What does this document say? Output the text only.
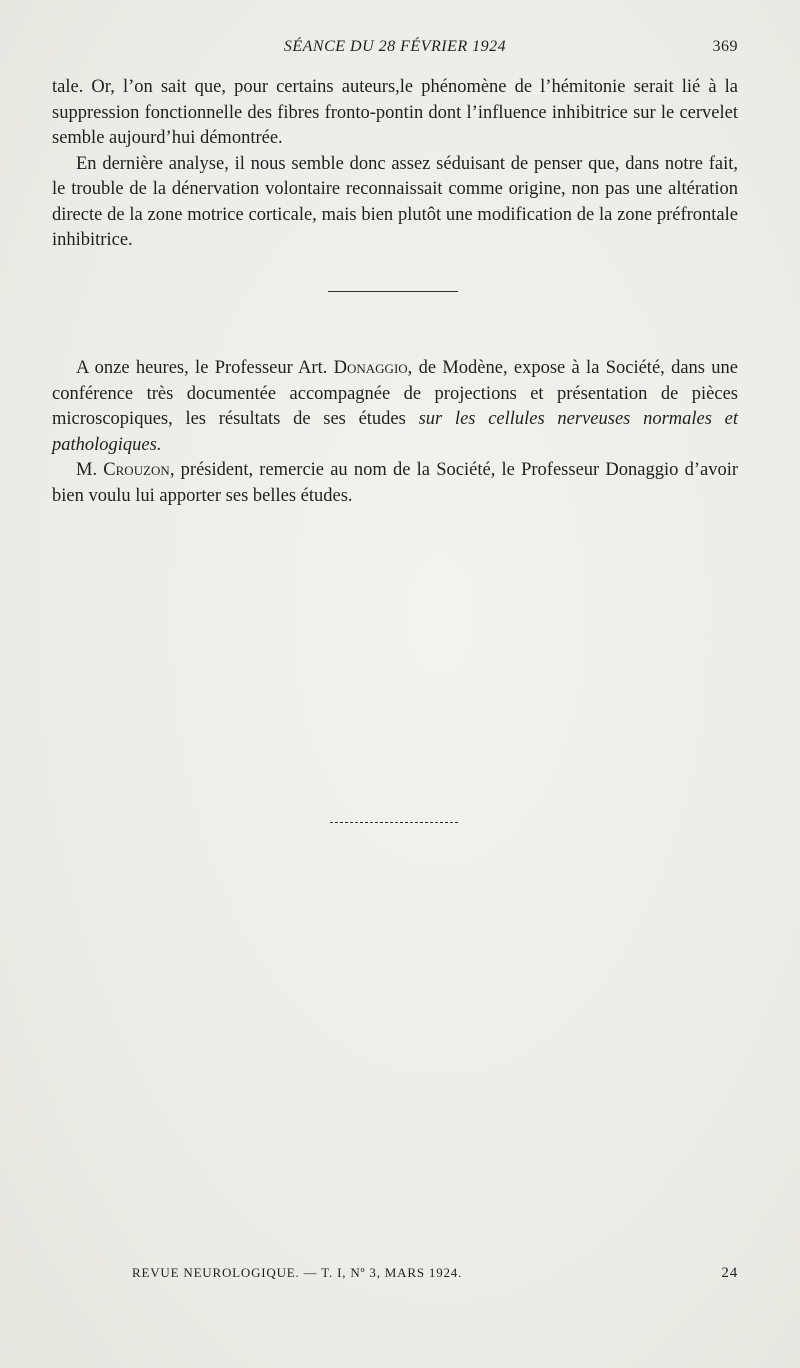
SÉANCE DU 28 FÉVRIER 1924	369

tale. Or, l’on sait que, pour certains auteurs,le phénomène de l’hémitonie serait lié à la suppression fonctionnelle des fibres fronto-pontin dont l’influence inhibitrice sur le cervelet semble aujourd’hui démontrée.

En dernière analyse, il nous semble donc assez séduisant de penser que, dans notre fait, le trouble de la dénervation volontaire reconnaissait comme origine, non pas une altération directe de la zone motrice corticale, mais bien plutôt une modification de la zone préfrontale inhibitrice.

A onze heures, le Professeur Art. Donaggio, de Modène, expose à la Société, dans une conférence très documentée accompagnée de projections et présentation de pièces microscopiques, les résultats de ses études sur les cellules nerveuses normales et pathologiques.

M. Crouzon, président, remercie au nom de la Société, le Professeur Donaggio d’avoir bien voulu lui apporter ses belles études.

REVUE NEUROLOGIQUE. — T. I, Nº 3, MARS 1924.	24
